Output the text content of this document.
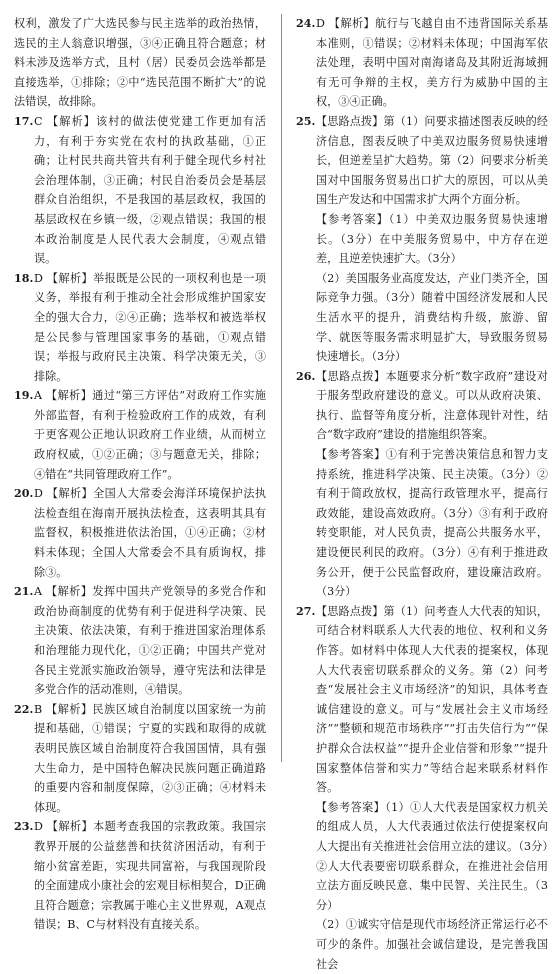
权利，激发了广大选民参与民主选举的政治热情，选民的主人翁意识增强，③④正确且符合题意；材料未涉及选举方式，且村（居）民委员会选举都是直接选举，①排除；②中“选民范围不断扩大”的说法错误，故排除。

17. C 【解析】该村的做法使党建工作更加有活力，有利于夯实党在农村的执政基础，①正确；让村民共商共管共有利于健全现代乡村社会治理体制，③正确；村民自治委员会是基层群众自治组织，不是我国的基层政权，我国的基层政权在乡镇一级，②观点错误；我国的根本政治制度是人民代表大会制度，④观点错误。
18. D 【解析】举报既是公民的一项权利也是一项义务，举报有利于推动全社会形成维护国家安全的强大合力，②④正确；选举权和被选举权是公民参与管理国家事务的基础，①观点错误；举报与政府民主决策、科学决策无关，③排除。
19. A 【解析】通过“第三方评估”对政府工作实施外部监督，有利于检验政府工作的成效，有利于更客观公正地认识政府工作业绩，从而树立政府权威，①②正确；③与题意无关，排除；④错在“共同管理政府工作”。
20. D 【解析】全国人大常委会海洋环境保护法执法检查组在海南开展执法检查，这表明其具有监督权，积极推进依法治国，①④正确；②材料未体现；全国人大常委会不具有质询权，排除③。
21. A 【解析】发挥中国共产党领导的多党合作和政治协商制度的优势有利于促进科学决策、民主决策、依法决策，有利于推进国家治理体系和治理能力现代化，①②正确；中国共产党对各民主党派实施政治领导，遵守宪法和法律是多党合作的活动准则，④错误。
22. B 【解析】民族区域自治制度以国家统一为前提和基础，①错误；宁夏的实践和取得的成就表明民族区域自治制度符合我国国情，具有强大生命力，是中国特色解决民族问题正确道路的重要内容和制度保障，②③正确；④材料未体现。
23. D 【解析】本题考查我国的宗教政策。我国宗教界开展的公益慈善和扶贫济困活动，有利于缩小贫富差距，实现共同富裕，与我国现阶段的全面建成小康社会的宏观目标相契合，D正确且符合题意；宗教属于唯心主义世界观，A观点错误；B、C与材料没有直接关系。
24. D 【解析】航行与飞越自由不违背国际关系基本准则，①错误；②材料未体现；中国海军依法处理，表明中国对南海诸岛及其附近海域拥有无可争辩的主权，美方行为威胁中国的主权，③④正确。

25. 【思路点拨】第（1）问要求描述图表反映的经济信息，图表反映了中美双边服务贸易快速增长，但逆差呈扩大趋势。第（2）问要求分析美国对中国服务贸易出口扩大的原因，可以从美国生产发达和中国需求扩大两个方面分析。

【参考答案】（1）中美双边服务贸易快速增长。（3分）在中美服务贸易中，中方存在逆差，且逆差快速扩大。（3分）

（2）美国服务业高度发达，产业门类齐全，国际竞争力强。（3分）随着中国经济发展和人民生活水平的提升，消费结构升级，旅游、留学、就医等服务需求明显扩大，导致服务贸易快速增长。（3分）

26. 【思路点拨】本题要求分析“数字政府”建设对于服务型政府建设的意义。可以从政府决策、执行、监督等角度分析，注意体现针对性，结合“数字政府”建设的措施组织答案。

【参考答案】①有利于完善决策信息和智力支持系统，推进科学决策、民主决策。（3分）②有利于简政放权，提高行政管理水平，提高行政效能，建设高效政府。（3分）③有利于政府转变职能，对人民负责，提高公共服务水平，建设便民利民的政府。（3分）④有利于推进政务公开，便于公民监督政府，建设廉洁政府。（3分）

27. 【思路点拨】第（1）问考查人大代表的知识，可结合材料联系人大代表的地位、权利和义务作答。如材料中体现人大代表的提案权，体现人大代表密切联系群众的义务。第（2）问考查“发展社会主义市场经济”的知识，具体考查诚信建设的意义。可与“发展社会主义市场经济”“整顿和规范市场秩序”“打击失信行为”“保护群众合法权益”“提升企业信誉和形象”“提升国家整体信誉和实力”等结合起来联系材料作答。

【参考答案】（1）①人大代表是国家权力机关的组成人员，人大代表通过依法行使提案权向人大提出有关推进社会信用立法的建议。（3分）②人大代表要密切联系群众，在推进社会信用立法方面反映民意、集中民智、关注民生。（3分）

（2）①诚实守信是现代市场经济正常运行必不可少的条件。加强社会诚信建设，是完善我国社会
